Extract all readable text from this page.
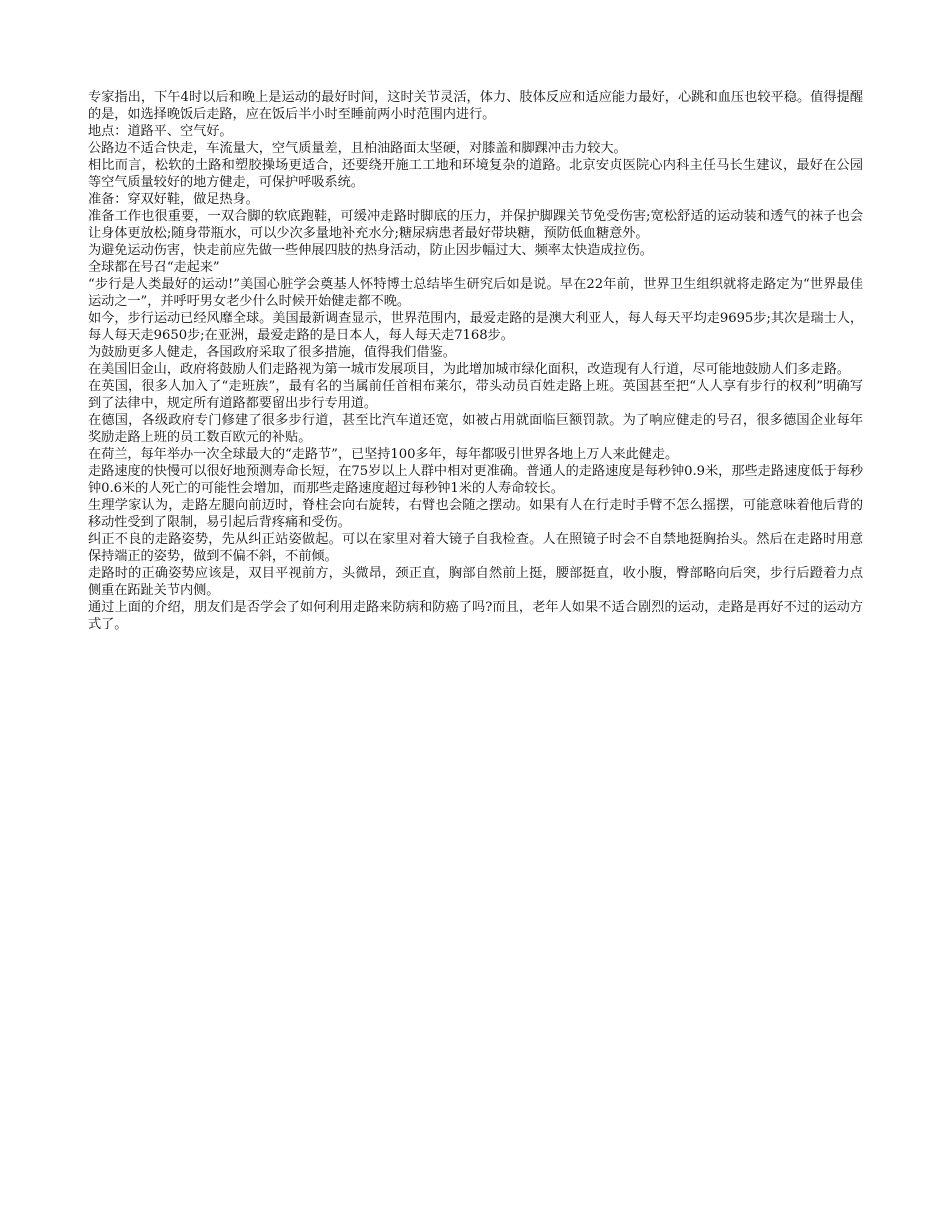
专家指出，下午4时以后和晚上是运动的最好时间，这时关节灵活，体力、肢体反应和适应能力最好，心跳和血压也较平稳。值得提醒的是，如选择晚饭后走路，应在饭后半小时至睡前两小时范围内进行。

地点：道路平、空气好。

公路边不适合快走，车流量大，空气质量差，且柏油路面太坚硬，对膝盖和脚踝冲击力较大。

相比而言，松软的土路和塑胶操场更适合，还要绕开施工工地和环境复杂的道路。北京安贞医院心内科主任马长生建议，最好在公园等空气质量较好的地方健走，可保护呼吸系统。

准备：穿双好鞋，做足热身。

准备工作也很重要，一双合脚的软底跑鞋，可缓冲走路时脚底的压力，并保护脚踝关节免受伤害;宽松舒适的运动装和透气的袜子也会让身体更放松;随身带瓶水，可以少次多量地补充水分;糖尿病患者最好带块糖，预防低血糖意外。

为避免运动伤害，快走前应先做一些伸展四肢的热身活动，防止因步幅过大、频率太快造成拉伤。

全球都在号召“走起来”

“步行是人类最好的运动!”美国心脏学会奠基人怀特博士总结毕生研究后如是说。早在22年前，世界卫生组织就将走路定为“世界最佳运动之一”，并呼吁男女老少什么时候开始健走都不晚。

如今，步行运动已经风靡全球。美国最新调查显示，世界范围内，最爱走路的是澳大利亚人，每人每天平均走9695步;其次是瑞士人，每人每天走9650步;在亚洲，最爱走路的是日本人，每人每天走7168步。

为鼓励更多人健走，各国政府采取了很多措施，值得我们借鉴。

在美国旧金山，政府将鼓励人们走路视为第一城市发展项目，为此增加城市绿化面积，改造现有人行道，尽可能地鼓励人们多走路。

在英国，很多人加入了“走班族”，最有名的当属前任首相布莱尔，带头动员百姓走路上班。英国甚至把“人人享有步行的权利”明确写到了法律中，规定所有道路都要留出步行专用道。

在德国，各级政府专门修建了很多步行道，甚至比汽车道还宽，如被占用就面临巨额罚款。为了响应健走的号召，很多德国企业每年奖励走路上班的员工数百欧元的补贴。

在荷兰，每年举办一次全球最大的“走路节”，已坚持100多年，每年都吸引世界各地上万人来此健走。

走路速度的快慢可以很好地预测寿命长短，在75岁以上人群中相对更准确。普通人的走路速度是每秒钟0.9米，那些走路速度低于每秒钟0.6米的人死亡的可能性会增加，而那些走路速度超过每秒钟1米的人寿命较长。

生理学家认为，走路左腿向前迈时，脊柱会向右旋转，右臂也会随之摆动。如果有人在行走时手臂不怎么摇摆，可能意味着他后背的移动性受到了限制，易引起后背疼痛和受伤。

纠正不良的走路姿势，先从纠正站姿做起。可以在家里对着大镜子自我检查。人在照镜子时会不自禁地挺胸抬头。然后在走路时用意保持端正的姿势，做到不偏不斜，不前倾。

走路时的正确姿势应该是，双目平视前方，头微昂，颈正直，胸部自然前上挺，腰部挺直，收小腹，臀部略向后突，步行后蹬着力点侧重在跖趾关节内侧。

通过上面的介绍，朋友们是否学会了如何利用走路来防病和防癌了吗?而且，老年人如果不适合剧烈的运动，走路是再好不过的运动方式了。
